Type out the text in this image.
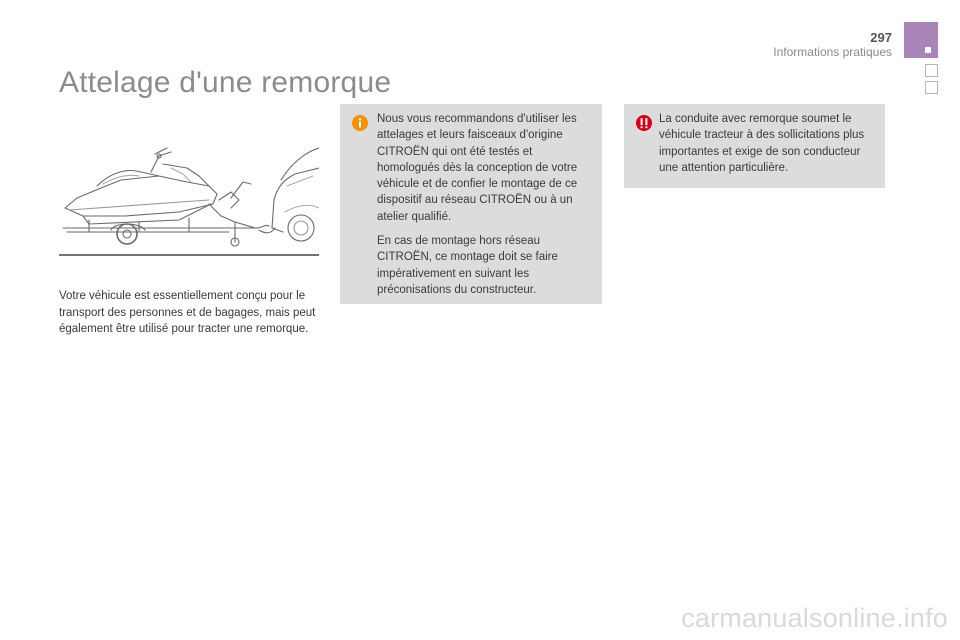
297
Informations pratiques
Attelage d'une remorque

Votre véhicule est essentiellement conçu pour le transport des personnes et de bagages, mais peut également être utilisé pour tracter une remorque.

Nous vous recommandons d'utiliser les attelages et leurs faisceaux d'origine CITROËN qui ont été testés et homologués dès la conception de votre véhicule et de confier le montage de ce dispositif au réseau CITROËN ou à un atelier qualifié.

En cas de montage hors réseau CITROËN, ce montage doit se faire impérativement en suivant les préconisations du constructeur.

La conduite avec remorque soumet le véhicule tracteur à des sollicitations plus importantes et exige de son conducteur une attention particulière.

carmanualsonline.info
